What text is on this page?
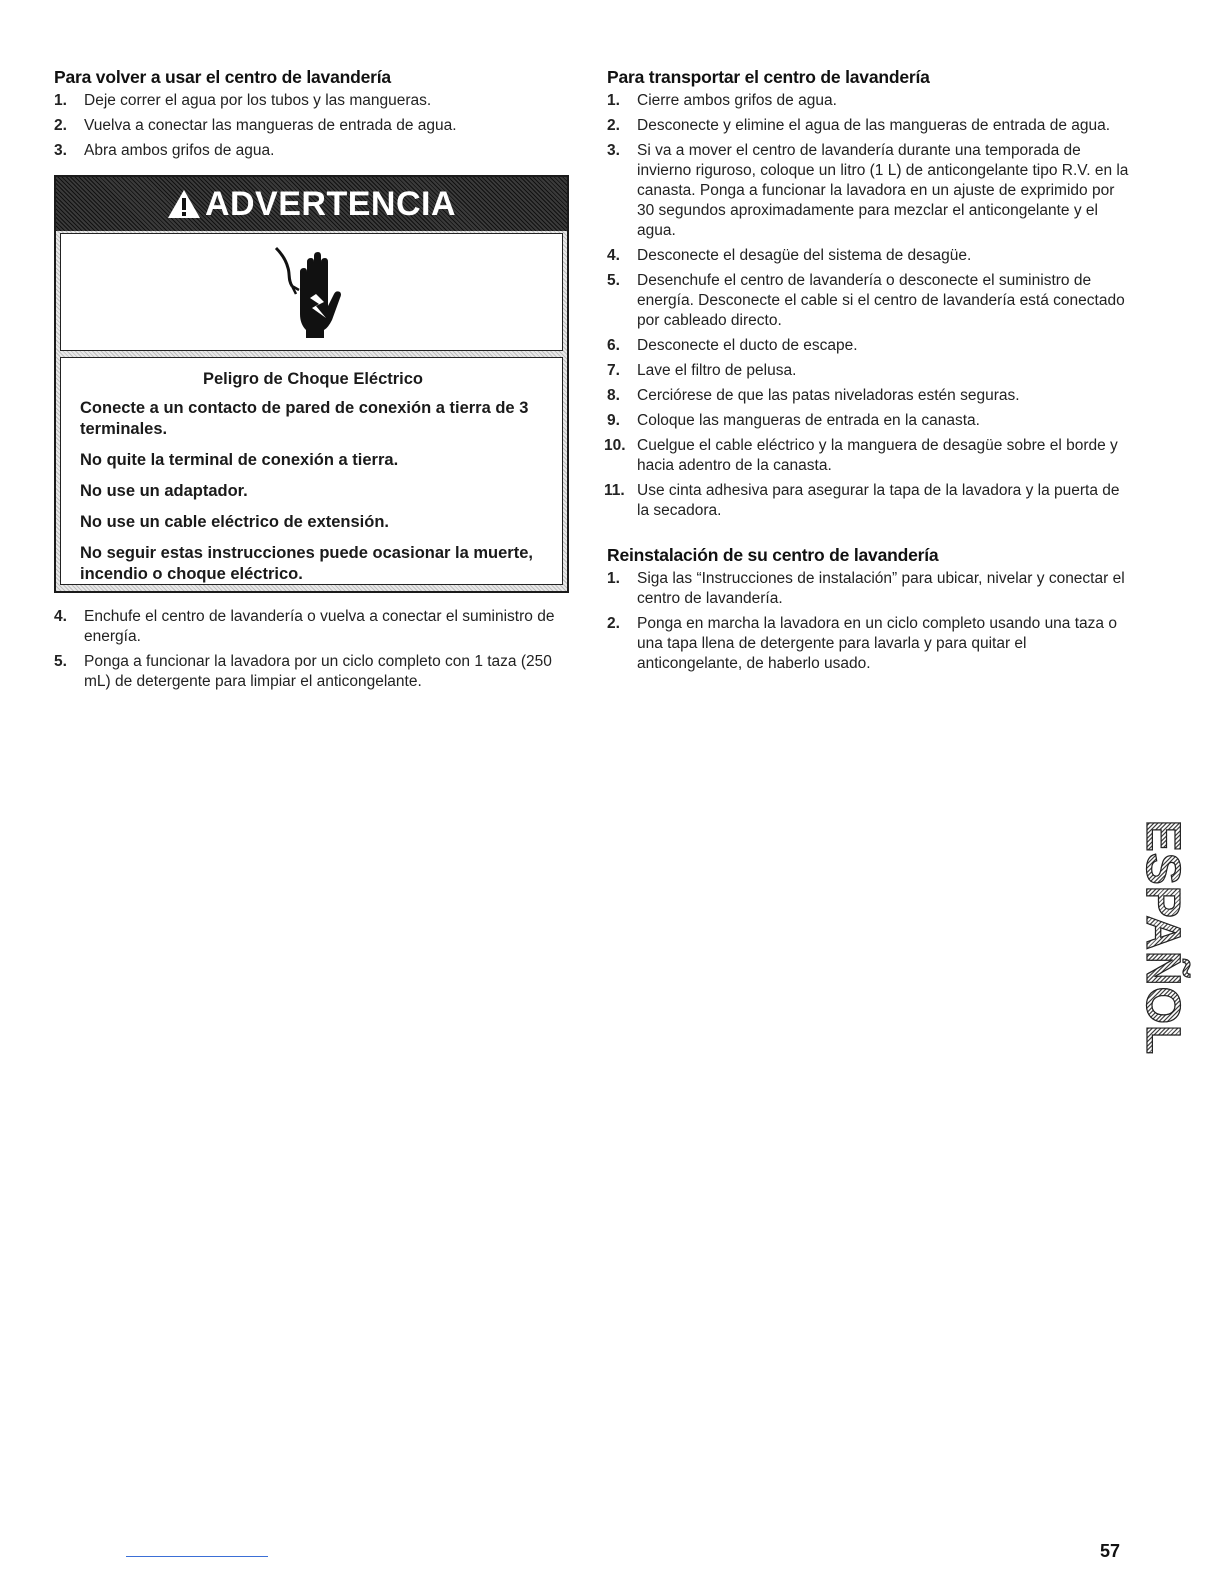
Para volver a usar el centro de lavandería
1. Deje correr el agua por los tubos y las mangueras.
2. Vuelva a conectar las mangueras de entrada de agua.
3. Abra ambos grifos de agua.
ADVERTENCIA
Peligro de Choque Eléctrico
Conecte a un contacto de pared de conexión a tierra de 3 terminales.
No quite la terminal de conexión a tierra.
No use un adaptador.
No use un cable eléctrico de extensión.
No seguir estas instrucciones puede ocasionar la muerte, incendio o choque eléctrico.
4. Enchufe el centro de lavandería o vuelva a conectar el suministro de energía.
5. Ponga a funcionar la lavadora por un ciclo completo con 1 taza (250 mL) de detergente para limpiar el anticongelante.
Para transportar el centro de lavandería
1. Cierre ambos grifos de agua.
2. Desconecte y elimine el agua de las mangueras de entrada de agua.
3. Si va a mover el centro de lavandería durante una temporada de invierno riguroso, coloque un litro (1 L) de anticongelante tipo R.V. en la canasta. Ponga a funcionar la lavadora en un ajuste de exprimido por 30 segundos aproximadamente para mezclar el anticongelante y el agua.
4. Desconecte el desagüe del sistema de desagüe.
5. Desenchufe el centro de lavandería o desconecte el suministro de energía. Desconecte el cable si el centro de lavandería está conectado por cableado directo.
6. Desconecte el ducto de escape.
7. Lave el filtro de pelusa.
8. Cerciórese de que las patas niveladoras estén seguras.
9. Coloque las mangueras de entrada en la canasta.
10. Cuelgue el cable eléctrico y la manguera de desagüe sobre el borde y hacia adentro de la canasta.
11. Use cinta adhesiva para asegurar la tapa de la lavadora y la puerta de la secadora.
Reinstalación de su centro de lavandería
1. Siga las “Instrucciones de instalación” para ubicar, nivelar y conectar el centro de lavandería.
2. Ponga en marcha la lavadora en un ciclo completo usando una taza o una tapa llena de detergente para lavarla y para quitar el anticongelante, de haberlo usado.
ESPAÑOL
57
